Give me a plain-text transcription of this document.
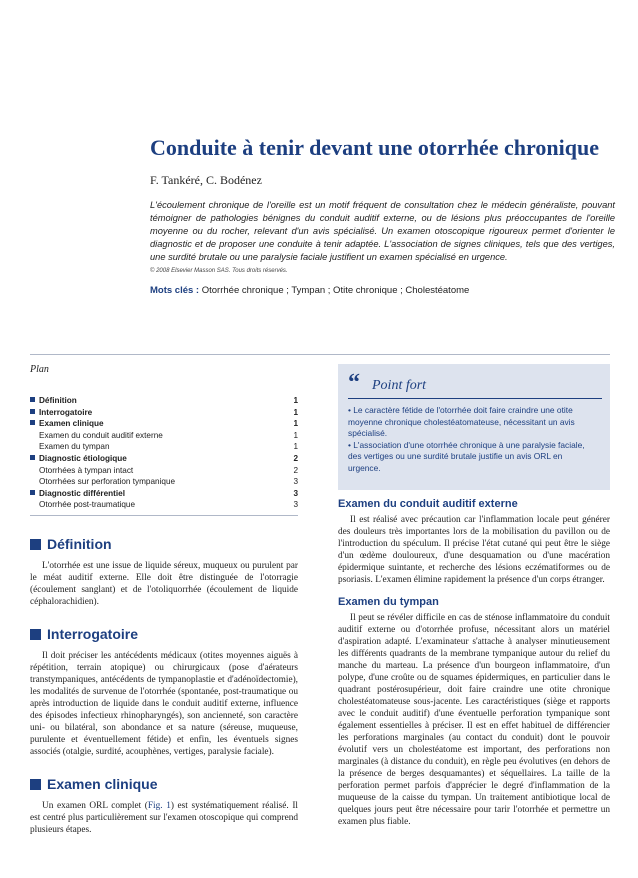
Conduite à tenir devant une otorrhée chronique
F. Tankéré, C. Bodénez
L'écoulement chronique de l'oreille est un motif fréquent de consultation chez le médecin généraliste, pouvant témoigner de pathologies bénignes du conduit auditif externe, ou de lésions plus préoccupantes de l'oreille moyenne ou du rocher, relevant d'un avis spécialisé. Un examen otoscopique rigoureux permet d'orienter le diagnostic et de proposer une conduite à tenir adaptée. L'association de signes cliniques, tels que des vertiges, une surdité brutale ou une paralysie faciale justifient un examen spécialisé en urgence.
© 2008 Elsevier Masson SAS. Tous droits réservés.
Mots clés : Otorrhée chronique ; Tympan ; Otite chronique ; Cholestéatome
Plan
Définition	1
Interrogatoire	1
Examen clinique	1
Examen du conduit auditif externe	1
Examen du tympan	1
Diagnostic étiologique	2
Otorrhées à tympan intact	2
Otorrhées sur perforation tympanique	3
Diagnostic différentiel	3
Otorrhée post-traumatique	3
“ Point fort
• Le caractère fétide de l'otorrhée doit faire craindre une otite moyenne chronique cholestéatomateuse, nécessitant un avis spécialisé.
• L'association d'une otorrhée chronique à une paralysie faciale, des vertiges ou une surdité brutale justifie un avis ORL en urgence.
Définition

L'otorrhée est une issue de liquide séreux, muqueux ou purulent par le méat auditif externe. Elle doit être distinguée de l'otorragie (écoulement sanglant) et de l'otoliquorrhée (écoulement de liquide céphalorachidien).

Interrogatoire

Il doit préciser les antécédents médicaux (otites moyennes aiguës à répétition, terrain atopique) ou chirurgicaux (pose d'aérateurs transtympaniques, antécédents de tympanoplastie et d'adénoïdectomie), les modalités de survenue de l'otorrhée (spontanée, post-traumatique ou après introduction de liquide dans le conduit auditif externe, influence des épisodes infectieux rhinopharyngés), son ancienneté, son caractère uni- ou bilatéral, son abondance et sa nature (séreuse, muqueuse, purulente et éventuellement fétide) et enfin, les éventuels signes associés (otalgie, surdité, acouphènes, vertiges, paralysie faciale).

Examen clinique

Un examen ORL complet (Fig. 1) est systématiquement réalisé. Il est centré plus particulièrement sur l'examen otoscopique qui comprend plusieurs étapes.

Examen du conduit auditif externe

Il est réalisé avec précaution car l'inflammation locale peut générer des douleurs très importantes lors de la mobilisation du pavillon ou de l'introduction du spéculum. Il précise l'état cutané qui peut être le siège d'un œdème douloureux, d'une desquamation ou d'une macération épidermique suintante, et recherche des lésions eczématiformes ou de psoriasis. L'examen élimine rapidement la présence d'un corps étranger.

Examen du tympan

Il peut se révéler difficile en cas de sténose inflammatoire du conduit auditif externe ou d'otorrhée profuse, nécessitant alors un matériel d'aspiration adapté. L'examinateur s'attache à analyser minutieusement les différents quadrants de la membrane tympanique autour du relief du manche du marteau. La présence d'un bourgeon inflammatoire, d'un polype, d'une croûte ou de squames épidermiques, en particulier dans le quadrant postérosupérieur, doit faire craindre une otite chronique cholestéatomateuse sous-jacente. Les caractéristiques (siège et rapports avec le conduit auditif) d'une éventuelle perforation tympanique sont également essentielles à préciser. Il est en effet habituel de différencier les perforations marginales (au contact du conduit) dont le pouvoir évolutif vers un cholestéatome est important, des perforations non marginales (à distance du conduit), en règle peu évolutives (en dehors de la présence de berges desquamantes) et séquellaires. La taille de la perforation permet parfois d'apprécier le degré d'inflammation de la muqueuse de la caisse du tympan. Un traitement antibiotique local de quelques jours peut être nécessaire pour tarir l'otorrhée et permettre un examen plus fiable.
